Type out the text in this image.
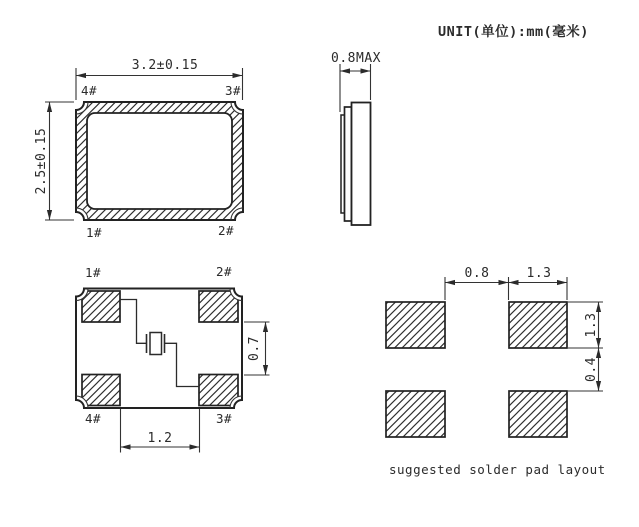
UNIT(单位):mm(毫米)
3.2±0.15
2.5±0.15
4#	3#
1#	2#
0.8MAX
1#	2#
4#	3#
0.7
1.2
0.8	1.3
1.3
0.4
suggested solder pad layout
